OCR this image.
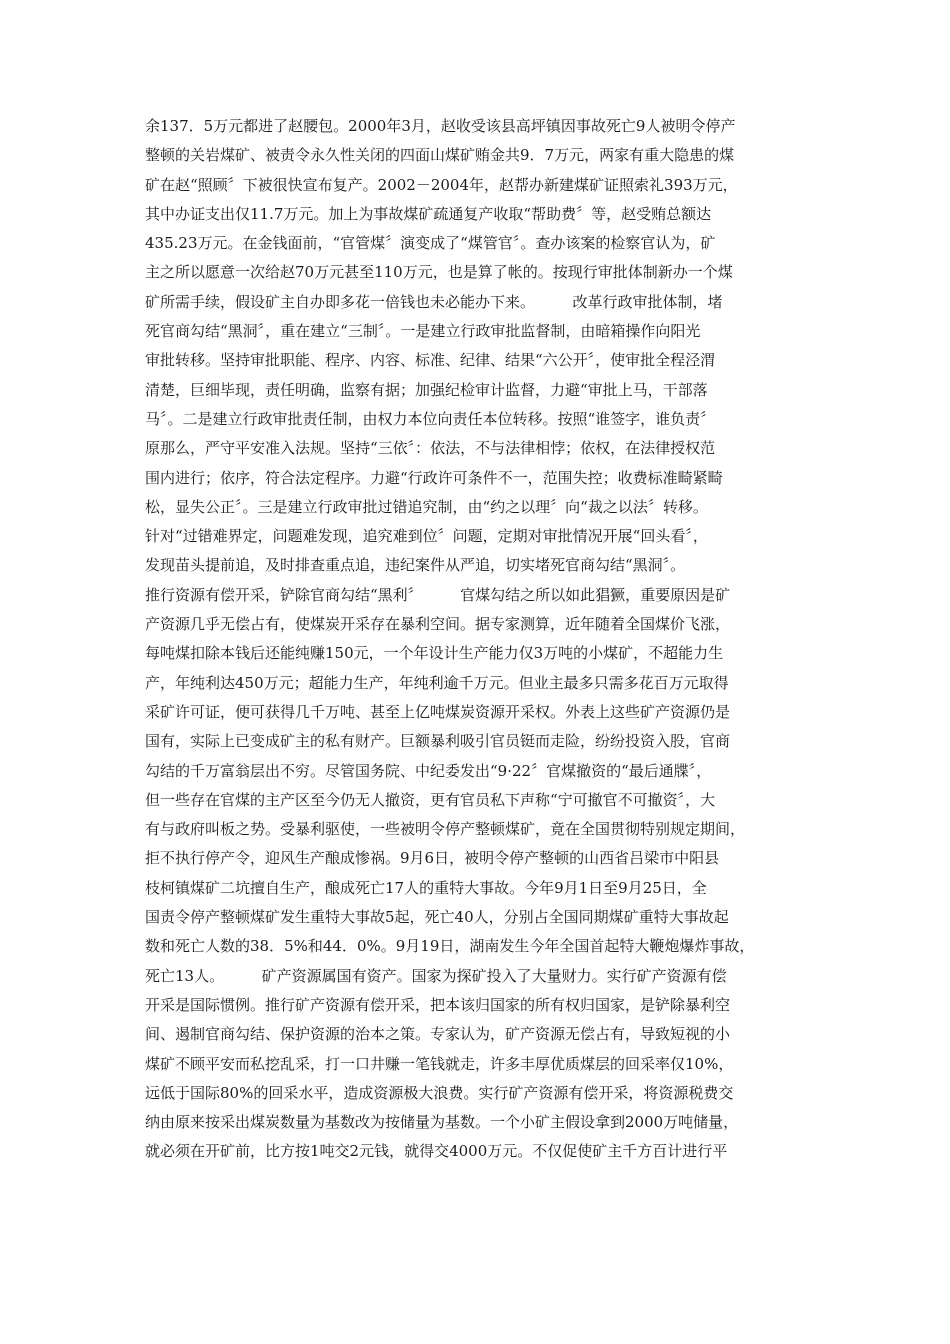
余137．5万元都进了赵腰包。2000年3月，赵收受该县高坪镇因事故死亡9人被明令停产
整顿的关岩煤矿、被责令永久性关闭的四面山煤矿贿金共9．7万元，两家有重大隐患的煤
矿在赵“照顾〞下被很快宣布复产。2002－2004年，赵帮办新建煤矿证照索礼393万元，
其中办证支出仅11.7万元。加上为事故煤矿疏通复产收取“帮助费〞等，赵受贿总额达
435.23万元。在金钱面前，“官管煤〞演变成了“煤管官〞。查办该案的检察官认为，矿
主之所以愿意一次给赵70万元甚至110万元，也是算了帐的。按现行审批体制新办一个煤
矿所需手续，假设矿主自办即多花一倍钱也未必能办下来。　　　改革行政审批体制，堵
死官商勾结“黑洞〞，重在建立“三制〞。一是建立行政审批监督制，由暗箱操作向阳光
审批转移。坚持审批职能、程序、内容、标准、纪律、结果“六公开〞，使审批全程泾渭
清楚，巨细毕现，责任明确，监察有据；加强纪检审计监督，力避“审批上马，干部落
马〞。二是建立行政审批责任制，由权力本位向责任本位转移。按照“谁签字，谁负责〞
原那么，严守平安准入法规。坚持“三依〞：依法，不与法律相悖；依权，在法律授权范
围内进行；依序，符合法定程序。力避“行政许可条件不一，范围失控；收费标准畸紧畸
松，显失公正〞。三是建立行政审批过错追究制，由“约之以理〞向“裁之以法〞转移。
针对“过错难界定，问题难发现，追究难到位〞问题，定期对审批情况开展“回头看〞，
发现苗头提前追，及时排查重点追，违纪案件从严追，切实堵死官商勾结“黑洞〞。
推行资源有偿开采，铲除官商勾结“黑利〞　　　官煤勾结之所以如此猖獗，重要原因是矿
产资源几乎无偿占有，使煤炭开采存在暴利空间。据专家测算，近年随着全国煤价飞涨，
每吨煤扣除本钱后还能纯赚150元，一个年设计生产能力仅3万吨的小煤矿，不超能力生
产，年纯利达450万元；超能力生产，年纯利逾千万元。但业主最多只需多花百万元取得
采矿许可证，便可获得几千万吨、甚至上亿吨煤炭资源开采权。外表上这些矿产资源仍是
国有，实际上已变成矿主的私有财产。巨额暴利吸引官员铤而走险，纷纷投资入股，官商
勾结的千万富翁层出不穷。尽管国务院、中纪委发出“9·22〞官煤撤资的“最后通牒〞，
但一些存在官煤的主产区至今仍无人撤资，更有官员私下声称“宁可撤官不可撤资〞，大
有与政府叫板之势。受暴利驱使，一些被明令停产整顿煤矿，竟在全国贯彻特别规定期间，
拒不执行停产令，迎风生产酿成惨祸。9月6日，被明令停产整顿的山西省吕梁市中阳县
枝柯镇煤矿二坑擅自生产，酿成死亡17人的重特大事故。今年9月1日至9月25日，全
国责令停产整顿煤矿发生重特大事故5起，死亡40人，分别占全国同期煤矿重特大事故起
数和死亡人数的38．5%和44．0%。9月19日，湖南发生今年全国首起特大鞭炮爆炸事故，
死亡13人。　　　矿产资源属国有资产。国家为探矿投入了大量财力。实行矿产资源有偿
开采是国际惯例。推行矿产资源有偿开采，把本该归国家的所有权归国家，是铲除暴利空
间、遏制官商勾结、保护资源的治本之策。专家认为，矿产资源无偿占有，导致短视的小
煤矿不顾平安而私挖乱采，打一口井赚一笔钱就走，许多丰厚优质煤层的回采率仅10%，
远低于国际80%的回采水平，造成资源极大浪费。实行矿产资源有偿开采，将资源税费交
纳由原来按采出煤炭数量为基数改为按储量为基数。一个小矿主假设拿到2000万吨储量，
就必须在开矿前，比方按1吨交2元钱，就得交4000万元。不仅促使矿主千方百计进行平
